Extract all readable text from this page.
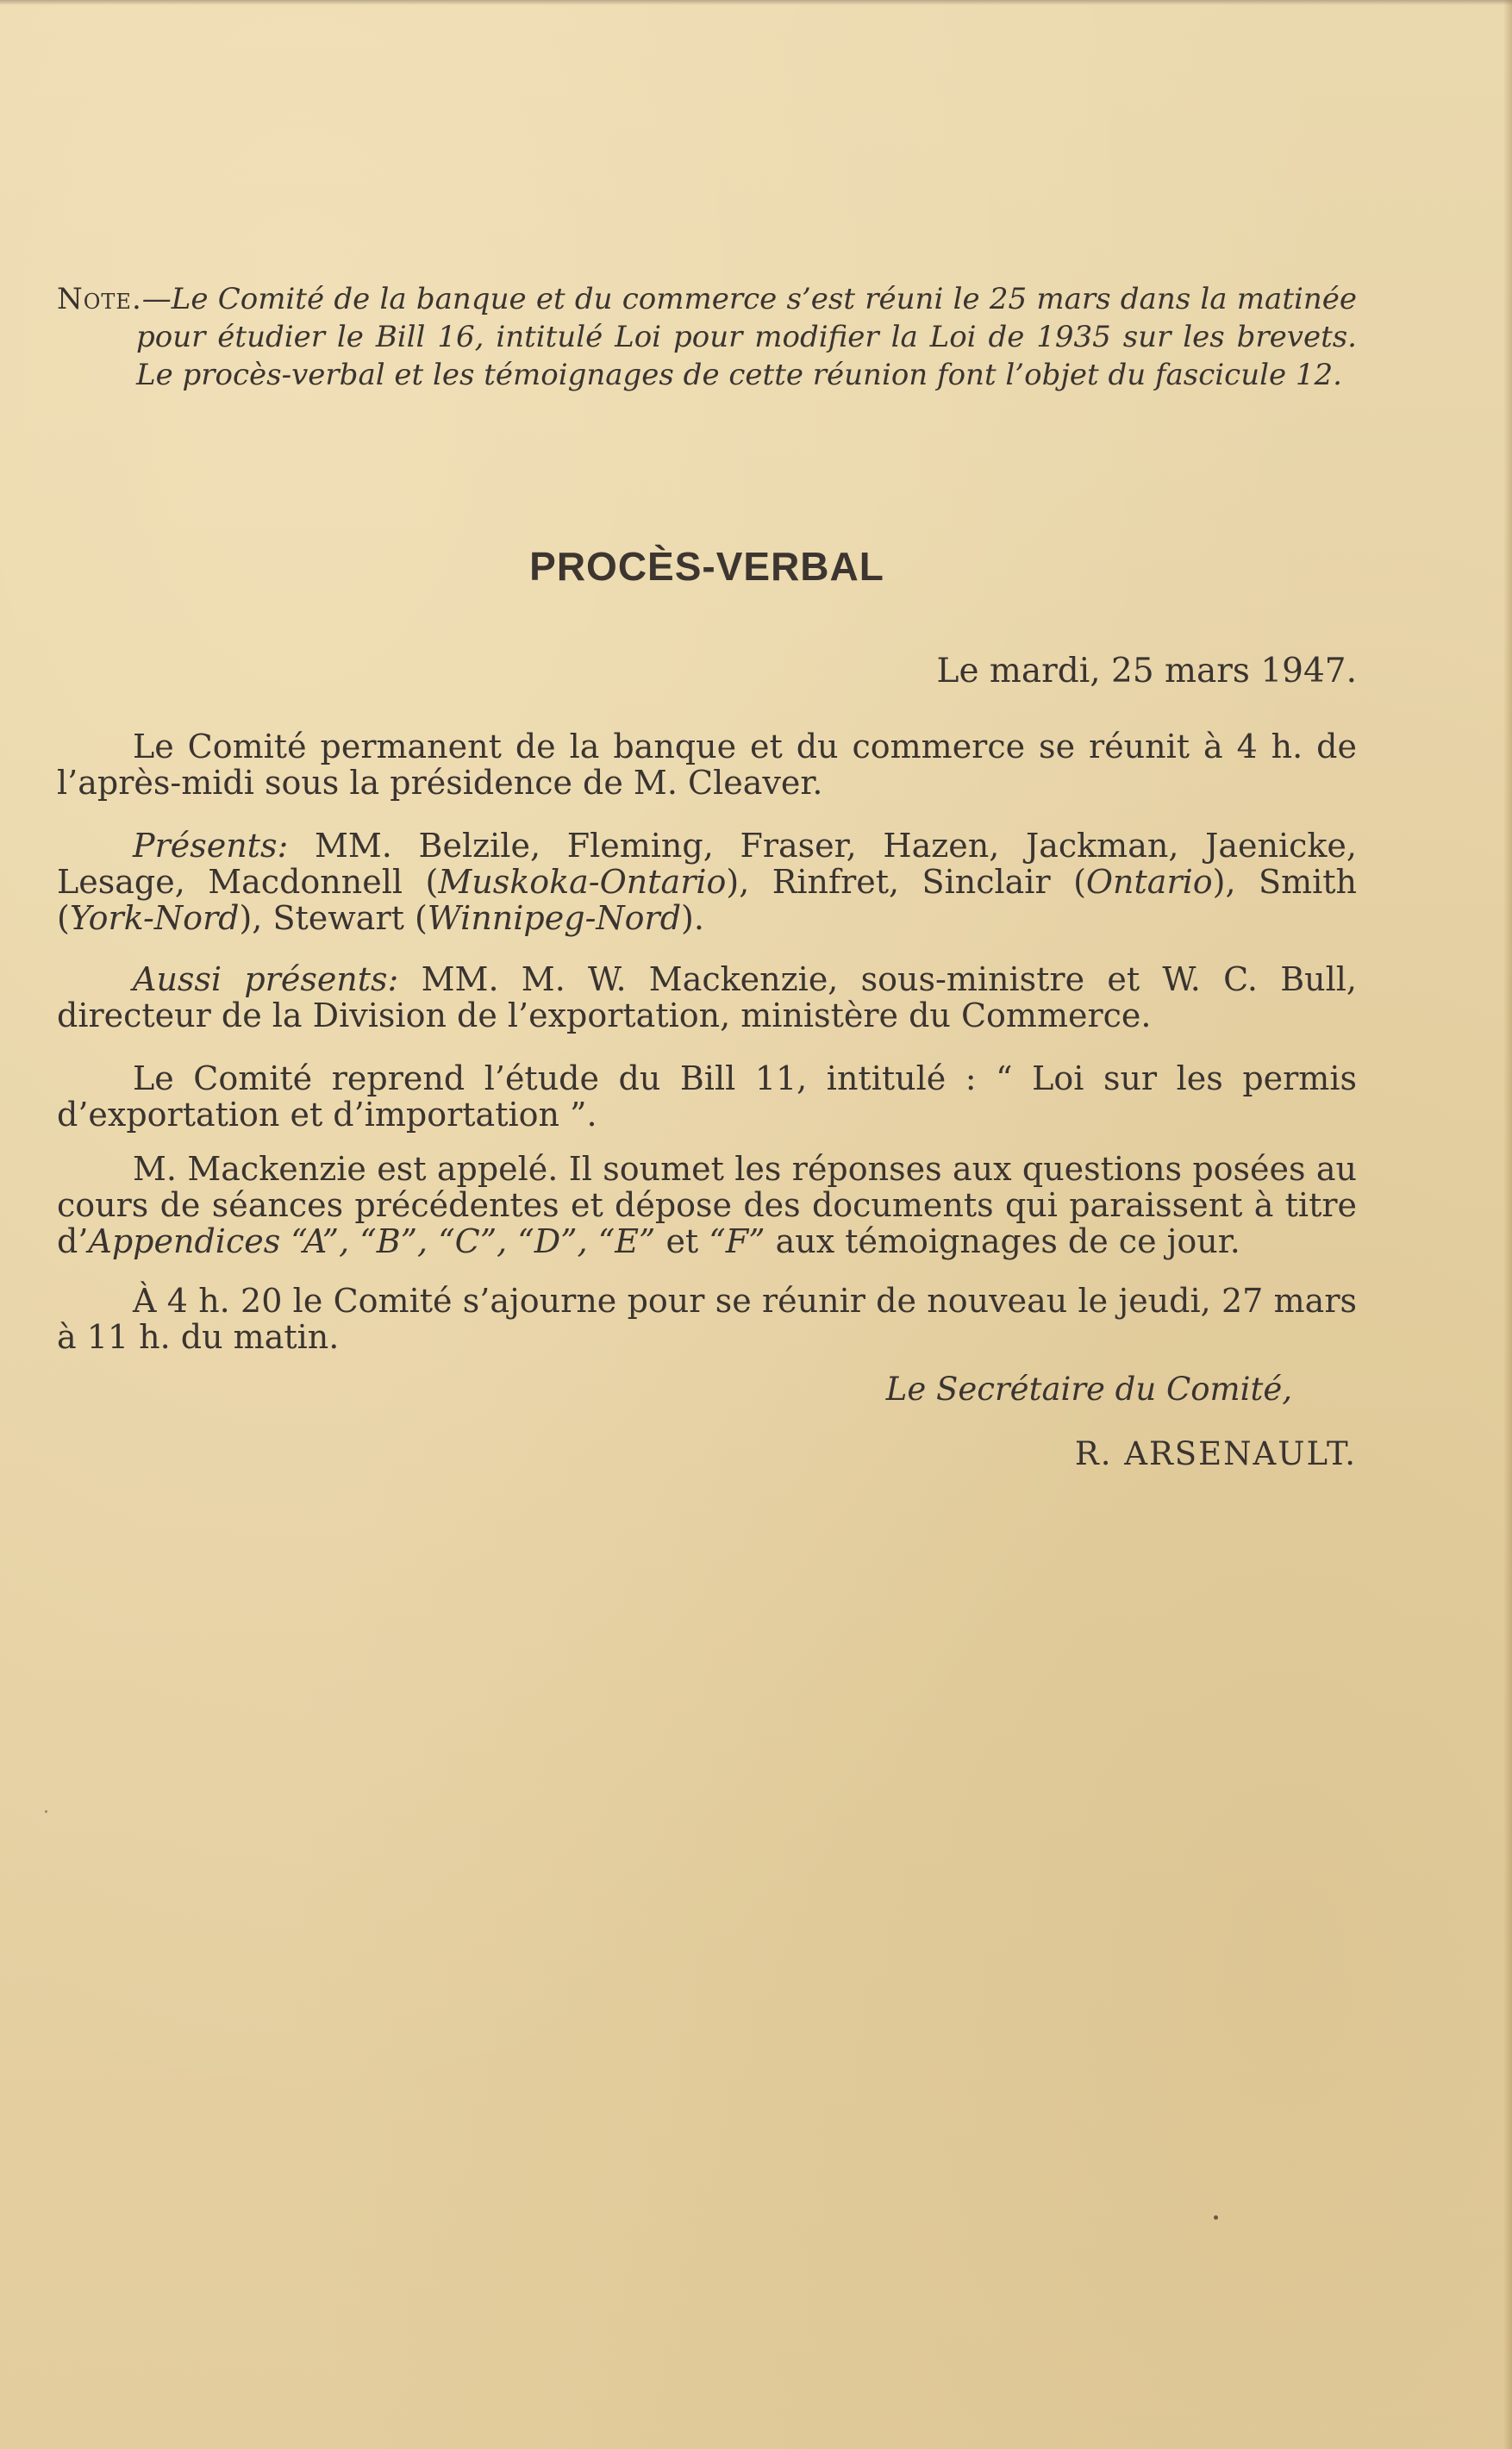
Note.—Le Comité de la banque et du commerce s’est réuni le 25 mars dans la matinée pour étudier le Bill 16, intitulé Loi pour modifier la Loi de 1935 sur les brevets. Le procès-verbal et les témoignages de cette réunion font l’objet du fascicule 12.

PROCÈS-VERBAL

Le mardi, 25 mars 1947.

Le Comité permanent de la banque et du commerce se réunit à 4 h. de l’après-midi sous la présidence de M. Cleaver.

Présents: MM. Belzile, Fleming, Fraser, Hazen, Jackman, Jaenicke, Lesage, Macdonnell (Muskoka-Ontario), Rinfret, Sinclair (Ontario), Smith (York-Nord), Stewart (Winnipeg-Nord).

Aussi présents: MM. M. W. Mackenzie, sous-ministre et W. C. Bull, directeur de la Division de l’exportation, ministère du Commerce.

Le Comité reprend l’étude du Bill 11, intitulé : “ Loi sur les permis d’exportation et d’importation ”.

M. Mackenzie est appelé. Il soumet les réponses aux questions posées au cours de séances précédentes et dépose des documents qui paraissent à titre d’Appendices “A”, “B”, “C”, “D”, “E” et “F” aux témoignages de ce jour.

À 4 h. 20 le Comité s’ajourne pour se réunir de nouveau le jeudi, 27 mars à 11 h. du matin.

Le Secrétaire du Comité,

R. ARSENAULT.
